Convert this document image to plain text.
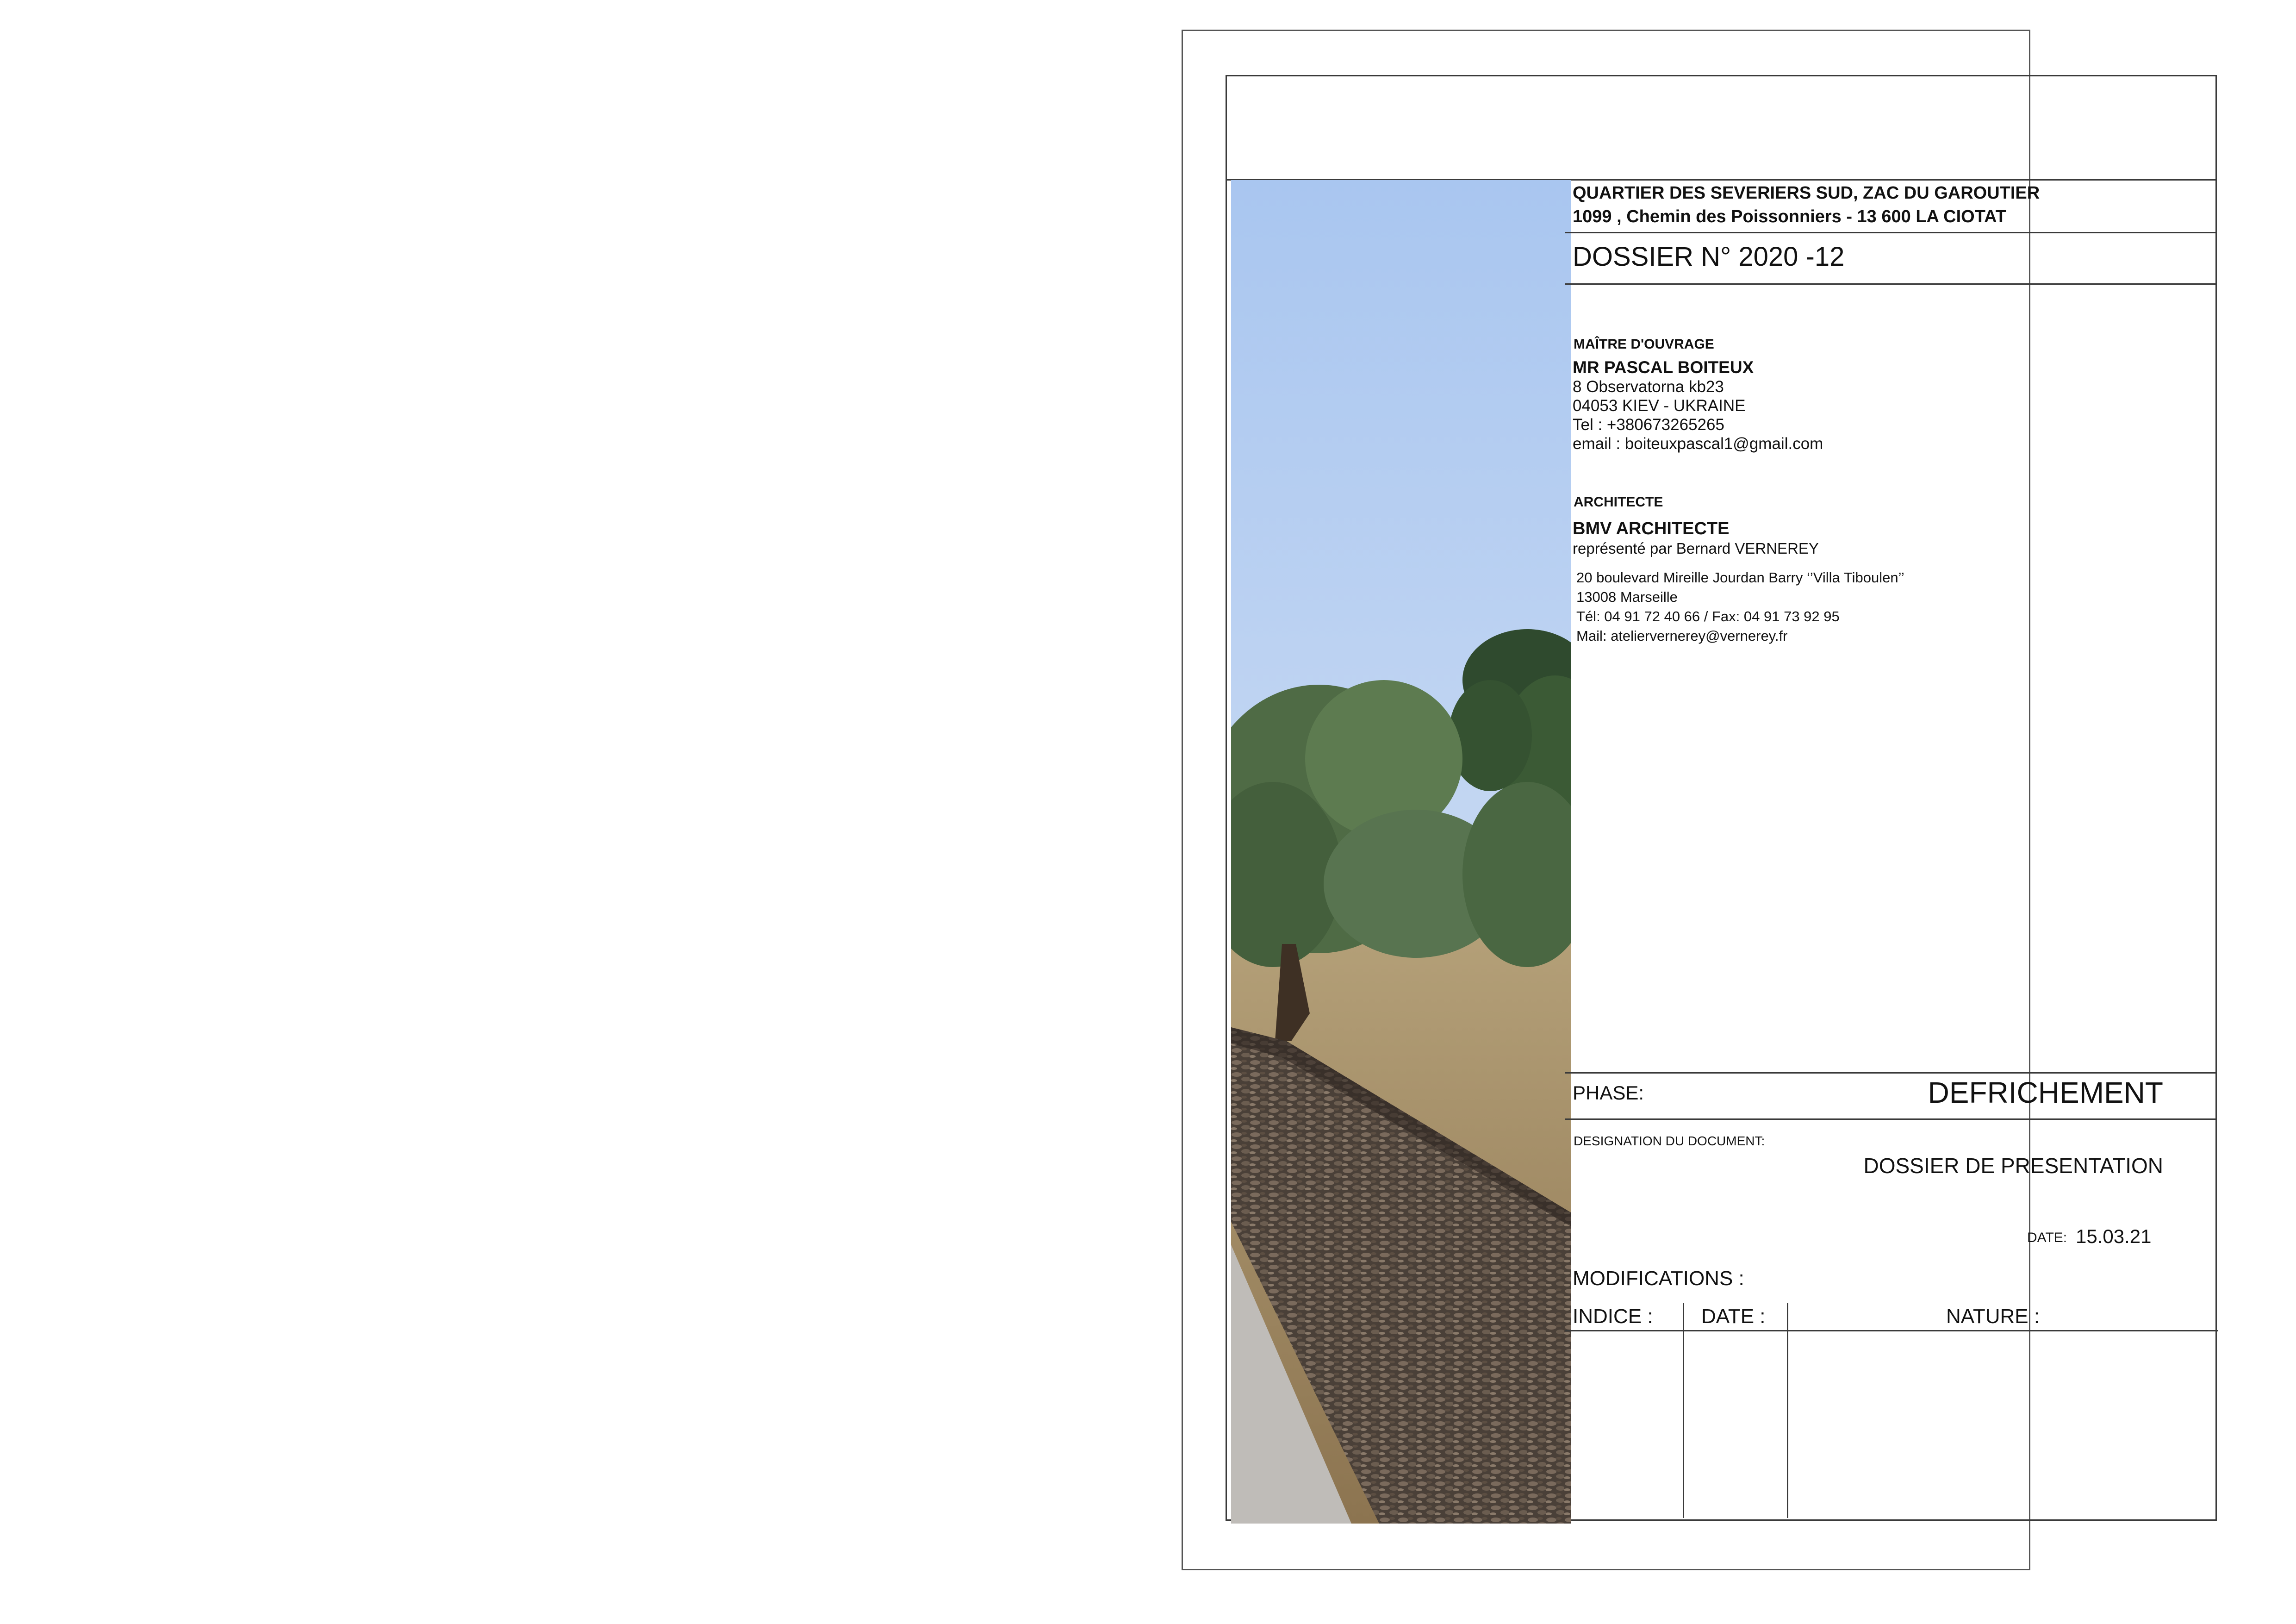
QUARTIER DES SEVERIERS SUD, ZAC DU GAROUTIER
1099 , Chemin des Poissonniers - 13 600 LA CIOTAT
DOSSIER N° 2020 -12
MAÎTRE D'OUVRAGE
MR PASCAL BOITEUX
8 Observatorna kb23
04053 KIEV - UKRAINE
Tel : +380673265265
email : boiteuxpascal1@gmail.com
ARCHITECTE
BMV ARCHITECTE
représenté par Bernard VERNEREY
20 boulevard Mireille Jourdan Barry ‘’Villa Tiboulen’’
13008 Marseille
Tél: 04 91 72 40 66 / Fax: 04 91 73 92 95
Mail: ateliervernerey@vernerey.fr
PHASE:	DEFRICHEMENT
DESIGNATION DU DOCUMENT:
DOSSIER DE PRESENTATION
DATE: 15.03.21
MODIFICATIONS :
INDICE : DATE :	NATURE :
